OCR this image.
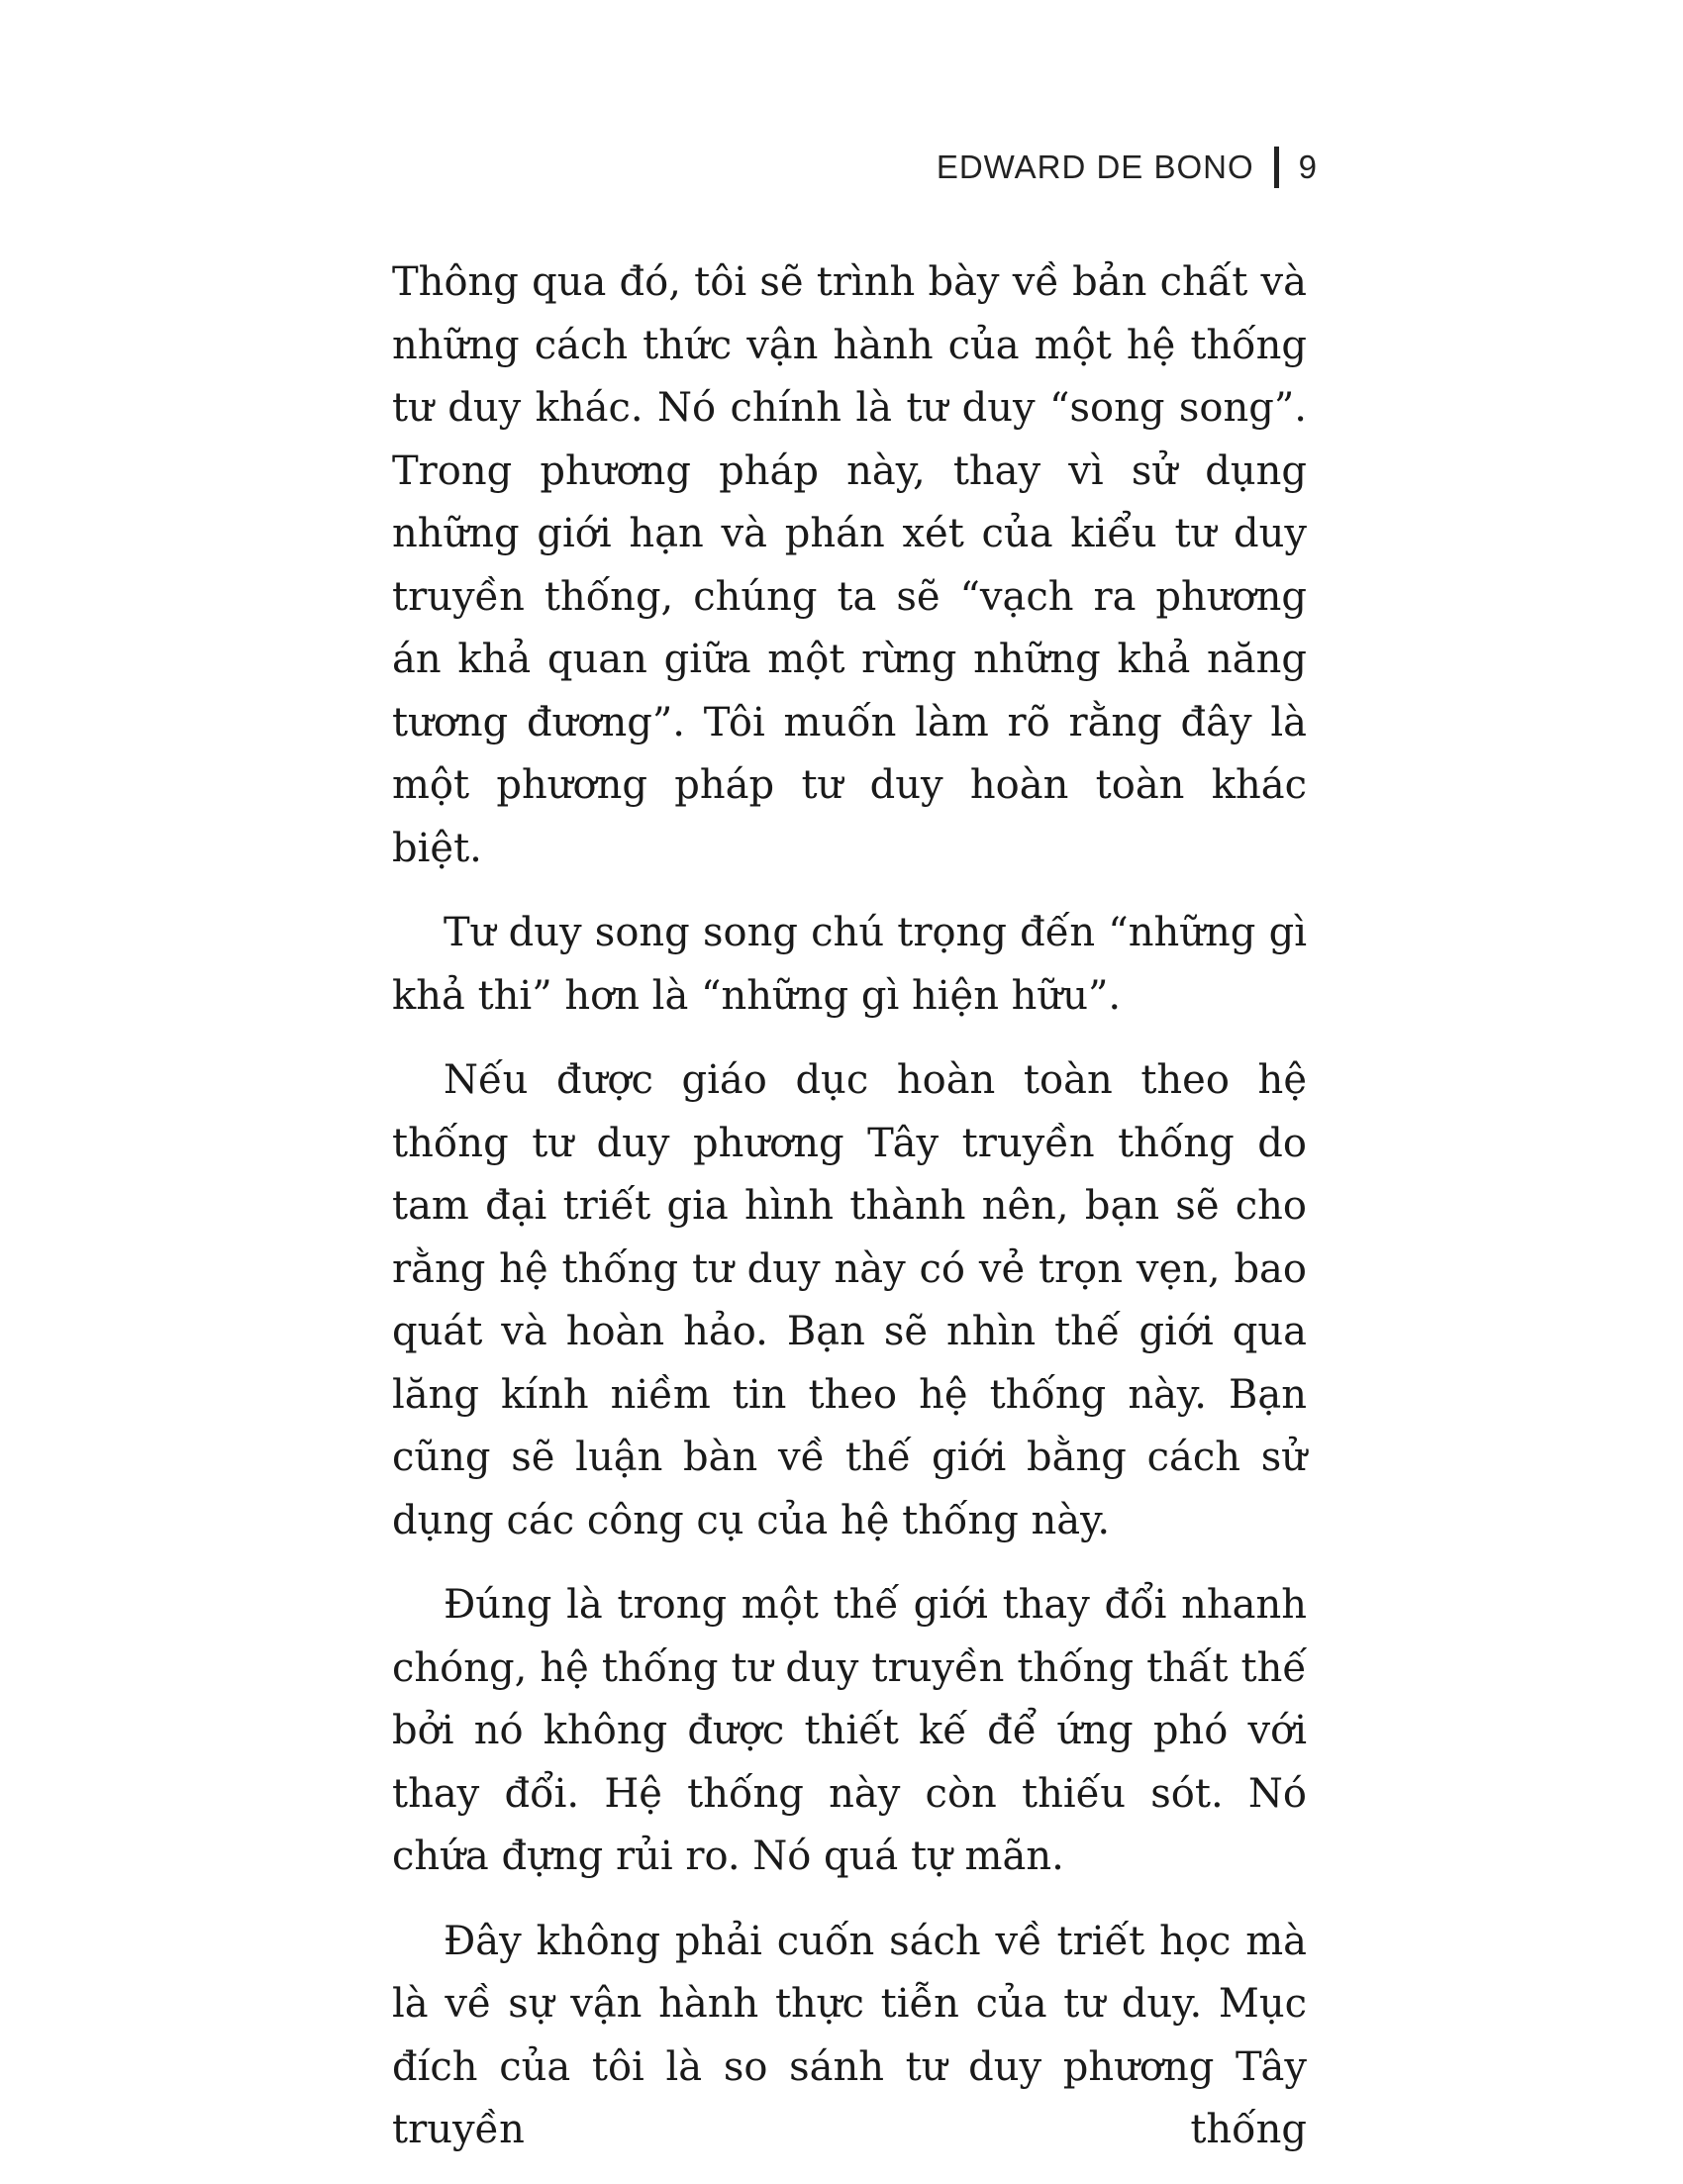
EDWARD DE BONO 9

Thông qua đó, tôi sẽ trình bày về bản chất và những cách thức vận hành của một hệ thống tư duy khác. Nó chính là tư duy “song song”. Trong phương pháp này, thay vì sử dụng những giới hạn và phán xét của kiểu tư duy truyền thống, chúng ta sẽ “vạch ra phương án khả quan giữa một rừng những khả năng tương đương”. Tôi muốn làm rõ rằng đây là một phương pháp tư duy hoàn toàn khác biệt.

Tư duy song song chú trọng đến “những gì khả thi” hơn là “những gì hiện hữu”.

Nếu được giáo dục hoàn toàn theo hệ thống tư duy phương Tây truyền thống do tam đại triết gia hình thành nên, bạn sẽ cho rằng hệ thống tư duy này có vẻ trọn vẹn, bao quát và hoàn hảo. Bạn sẽ nhìn thế giới qua lăng kính niềm tin theo hệ thống này. Bạn cũng sẽ luận bàn về thế giới bằng cách sử dụng các công cụ của hệ thống này.

Đúng là trong một thế giới thay đổi nhanh chóng, hệ thống tư duy truyền thống thất thế bởi nó không được thiết kế để ứng phó với thay đổi. Hệ thống này còn thiếu sót. Nó chứa đựng rủi ro. Nó quá tự mãn.

Đây không phải cuốn sách về triết học mà là về sự vận hành thực tiễn của tư duy. Mục đích của tôi là so sánh tư duy phương Tây truyền thống
